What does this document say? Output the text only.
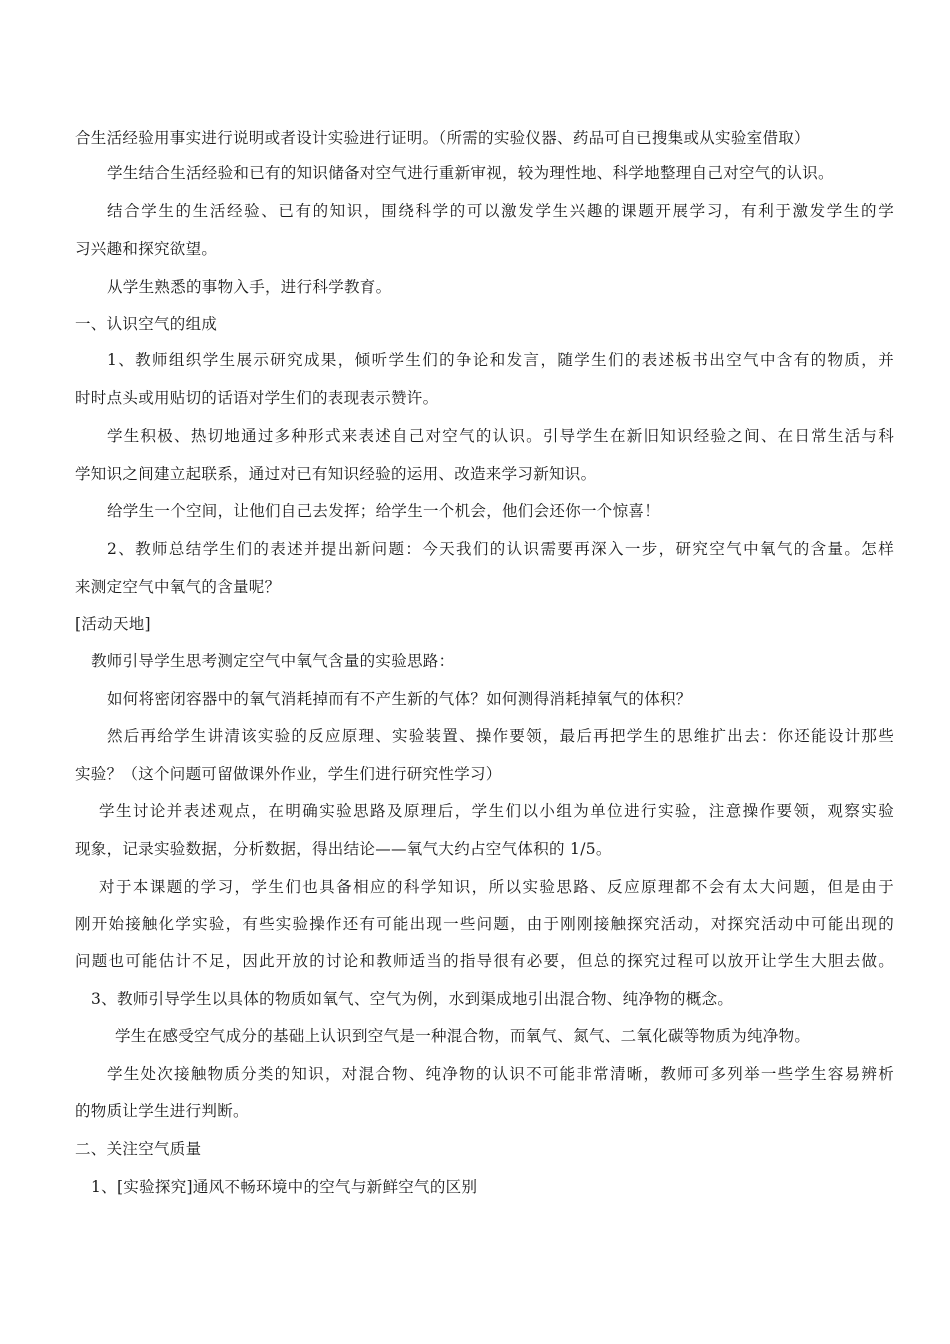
合生活经验用事实进行说明或者设计实验进行证明。（所需的实验仪器、药品可自已搜集或从实验室借取）
学生结合生活经验和已有的知识储备对空气进行重新审视，较为理性地、科学地整理自己对空气的认识。
结合学生的生活经验、已有的知识，围绕科学的可以激发学生兴趣的课题开展学习，有利于激发学生的学
习兴趣和探究欲望。
从学生熟悉的事物入手，进行科学教育。
一、认识空气的组成
1、教师组织学生展示研究成果，倾听学生们的争论和发言，随学生们的表述板书出空气中含有的物质，并
时时点头或用贴切的话语对学生们的表现表示赞许。
学生积极、热切地通过多种形式来表述自己对空气的认识。引导学生在新旧知识经验之间、在日常生活与科
学知识之间建立起联系，通过对已有知识经验的运用、改造来学习新知识。
给学生一个空间，让他们自己去发挥；给学生一个机会，他们会还你一个惊喜！
2、教师总结学生们的表述并提出新问题：今天我们的认识需要再深入一步，研究空气中氧气的含量。怎样
来测定空气中氧气的含量呢？
[活动天地]
教师引导学生思考测定空气中氧气含量的实验思路：
如何将密闭容器中的氧气消耗掉而有不产生新的气体？如何测得消耗掉氧气的体积？
然后再给学生讲清该实验的反应原理、实验装置、操作要领，最后再把学生的思维扩出去：你还能设计那些
实验？（这个问题可留做课外作业，学生们进行研究性学习）
学生讨论并表述观点，在明确实验思路及原理后，学生们以小组为单位进行实验，注意操作要领，观察实验
现象，记录实验数据，分析数据，得出结论——氧气大约占空气体积的 1/5。
对于本课题的学习，学生们也具备相应的科学知识，所以实验思路、反应原理都不会有太大问题，但是由于
刚开始接触化学实验，有些实验操作还有可能出现一些问题，由于刚刚接触探究活动，对探究活动中可能出现的
问题也可能估计不足，因此开放的讨论和教师适当的指导很有必要，但总的探究过程可以放开让学生大胆去做。
3、教师引导学生以具体的物质如氧气、空气为例，水到渠成地引出混合物、纯净物的概念。
学生在感受空气成分的基础上认识到空气是一种混合物，而氧气、氮气、二氧化碳等物质为纯净物。
学生处次接触物质分类的知识，对混合物、纯净物的认识不可能非常清晰，教师可多列举一些学生容易辨析
的物质让学生进行判断。
二、关注空气质量
1、[实验探究]通风不畅环境中的空气与新鲜空气的区别
